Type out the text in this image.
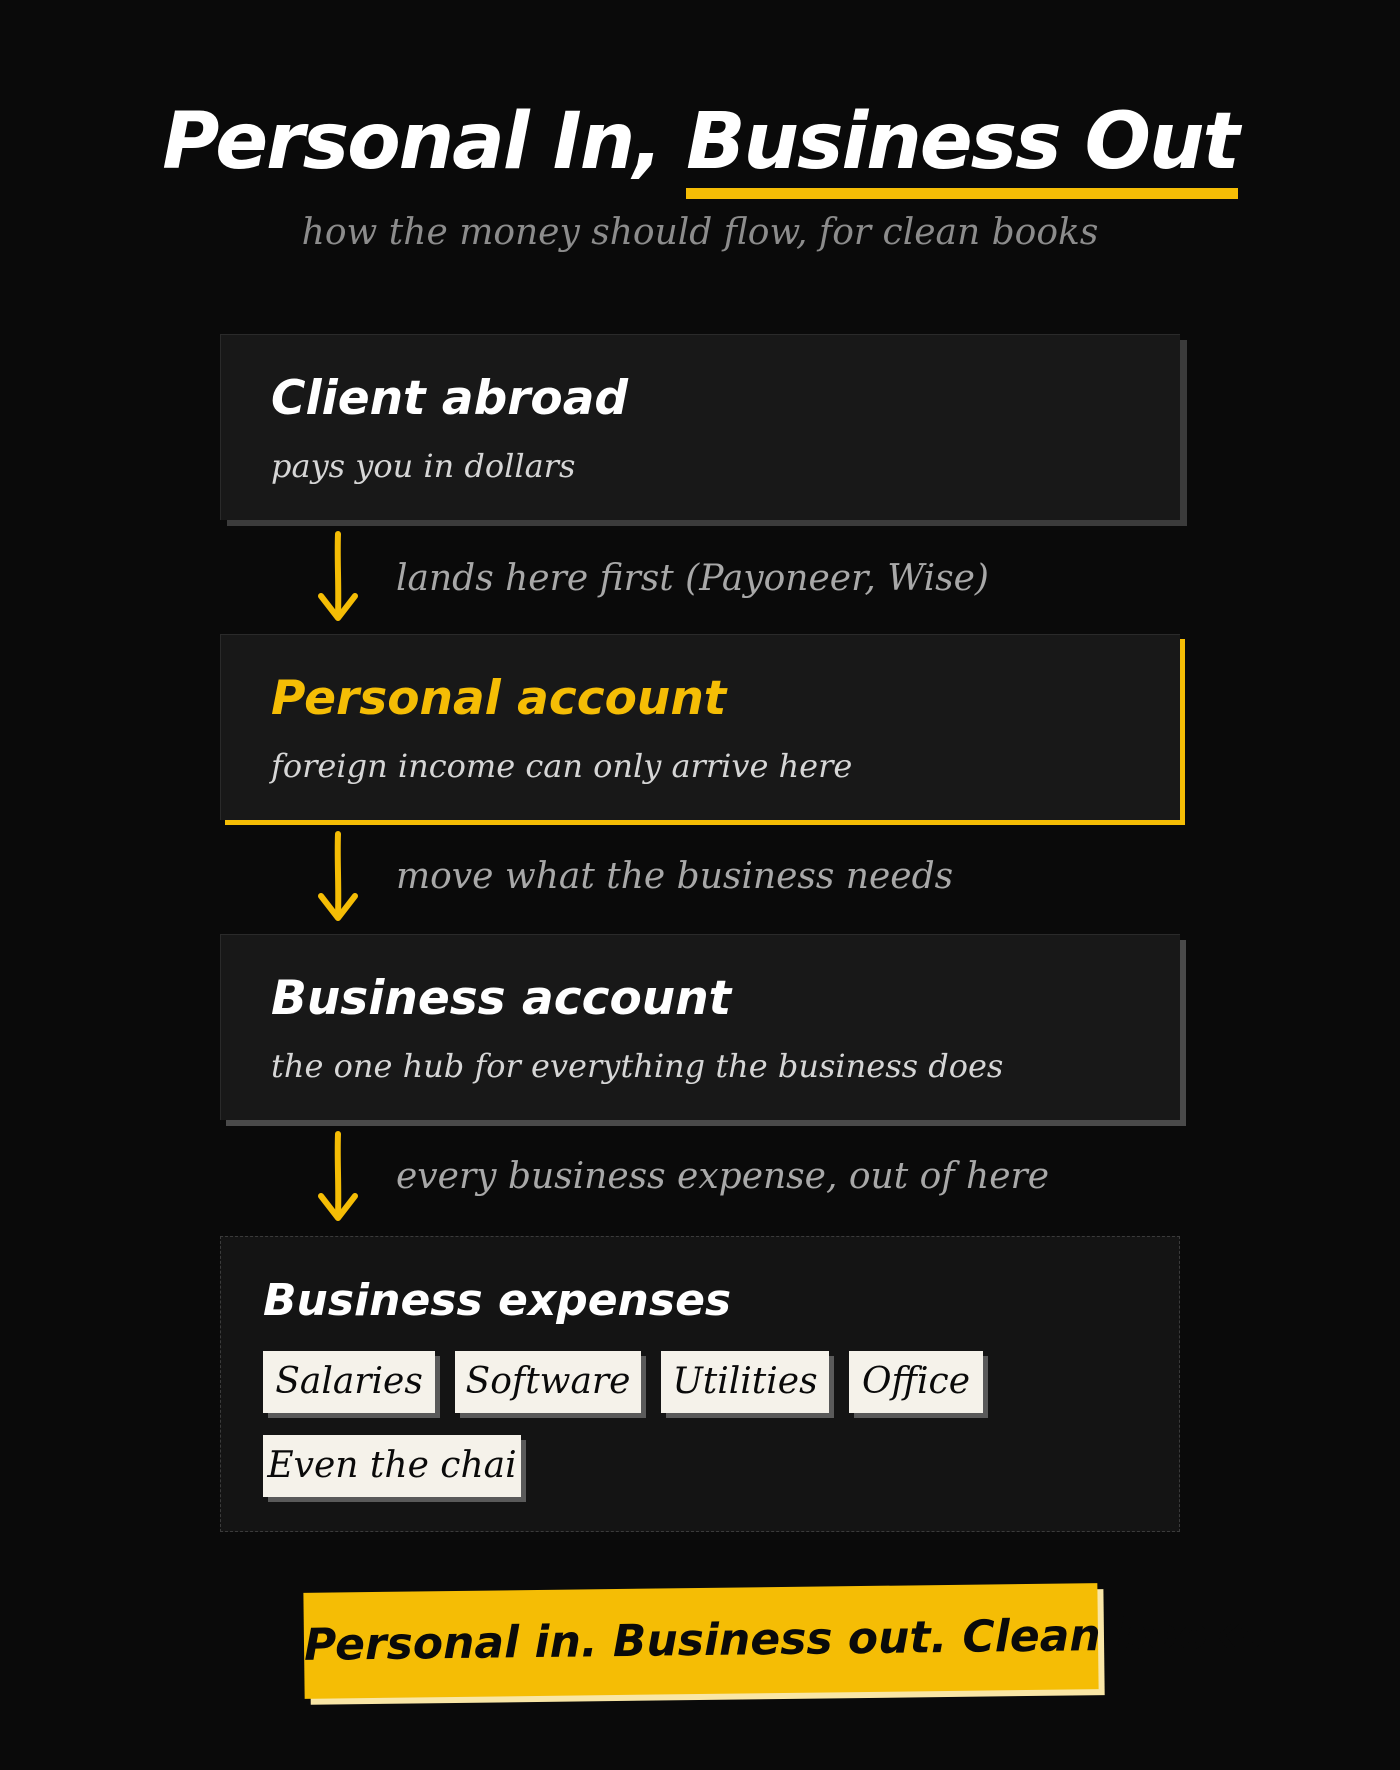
Personal In, Business Out
how the money should flow, for clean books
Client abroad
pays you in dollars
lands here first (Payoneer, Wise)
Personal account
foreign income can only arrive here
move what the business needs
Business account
the one hub for everything the business does
every business expense, out of here
Business expenses
Salaries	Software	Utilities	Office
Even the chai
Personal in. Business out. Clean books.
